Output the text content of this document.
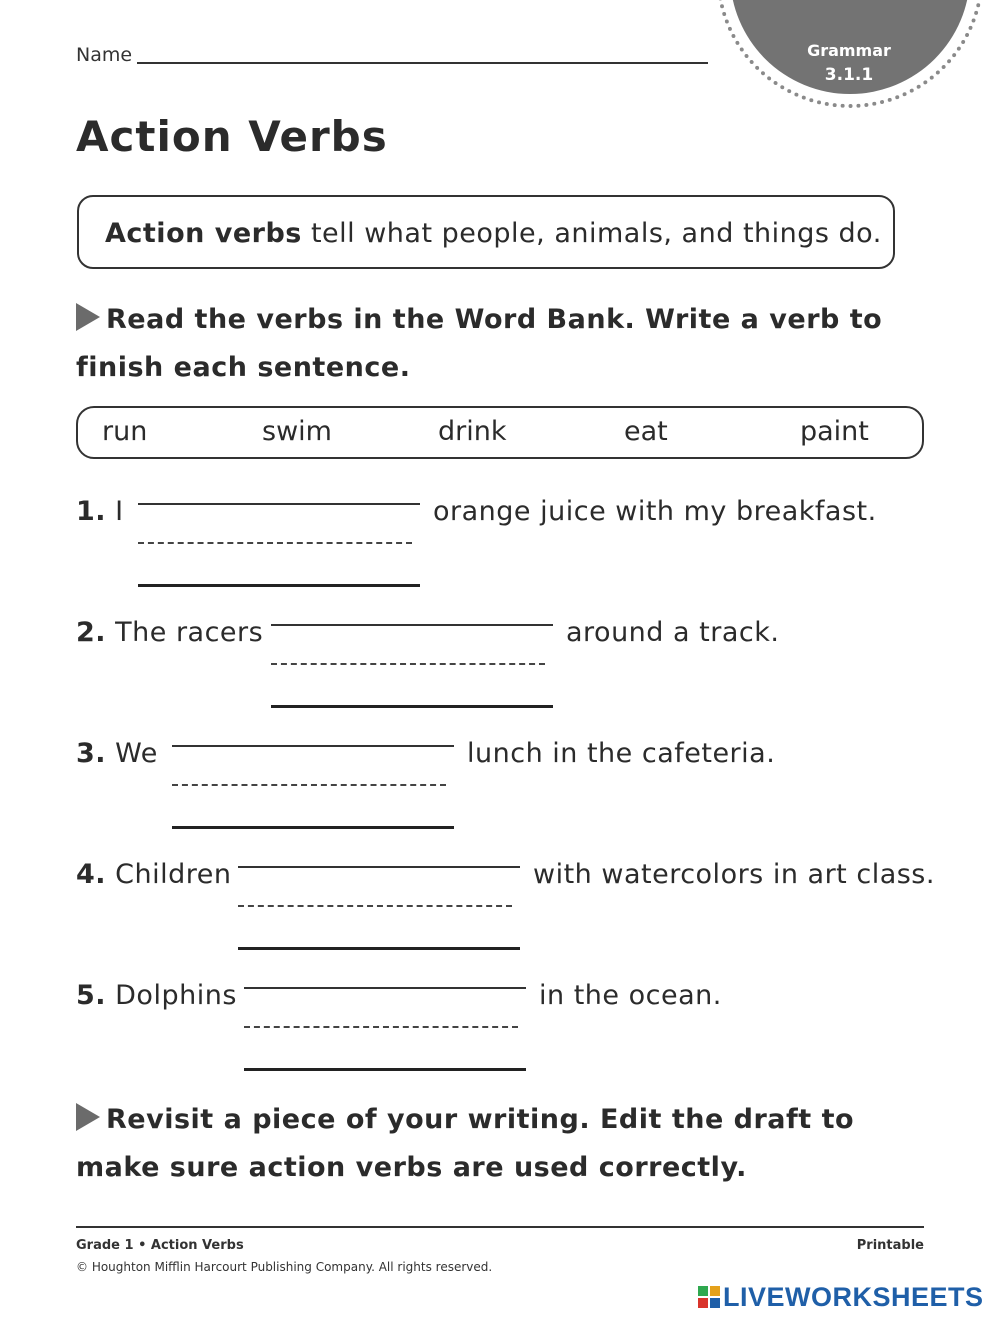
Name	Grammar
3.1.1
Action Verbs
Action verbs tell what people, animals, and things do.
Read the verbs in the Word Bank. Write a verb to finish each sentence.
run	swim	drink	eat	paint
1. I	orange juice with my breakfast.
2. The racers	around a track.
3. We	lunch in the cafeteria.
4. Children	with watercolors in art class.
5. Dolphins	in the ocean.
Revisit a piece of your writing. Edit the draft to make sure action verbs are used correctly.
Grade 1 • Action Verbs	Printable
© Houghton Mifflin Harcourt Publishing Company. All rights reserved.
LIVEWORKSHEETS
